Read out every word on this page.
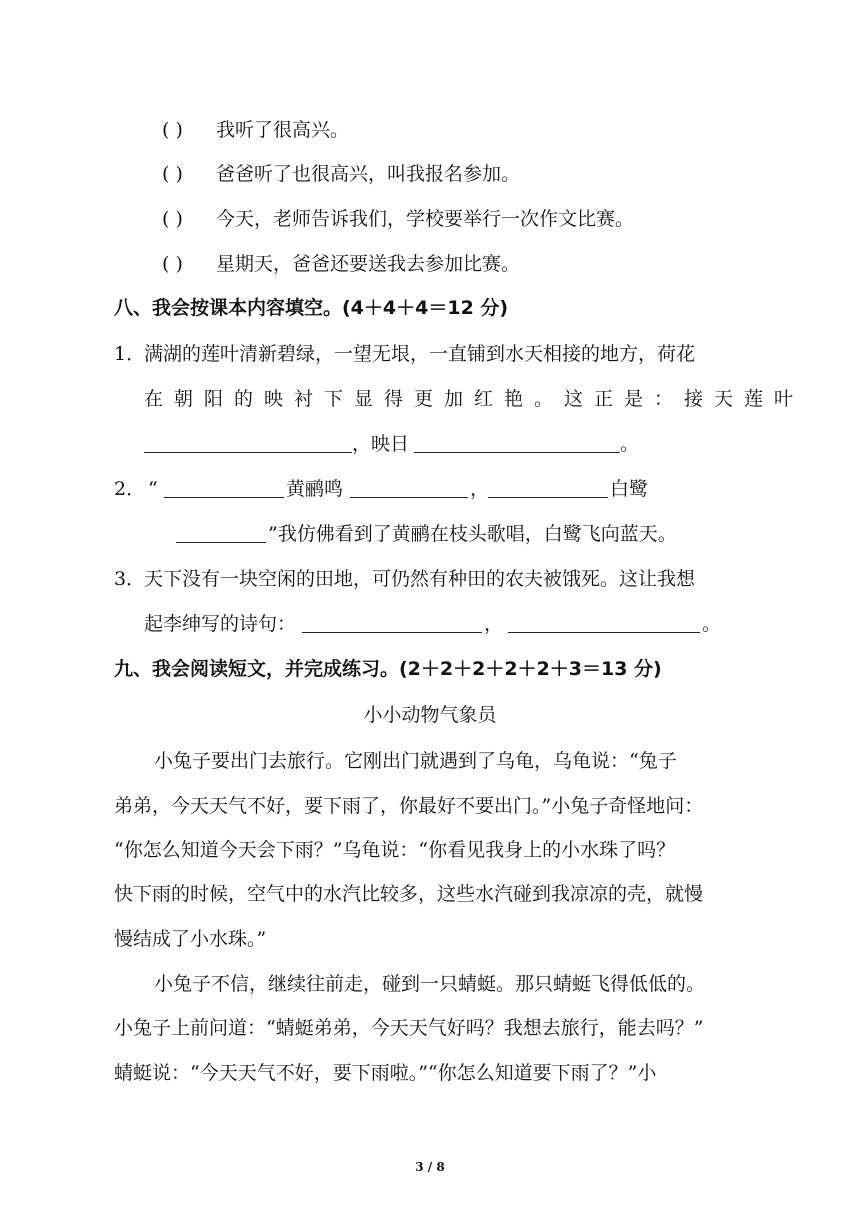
( ) 我听了很高兴。
( ) 爸爸听了也很高兴，叫我报名参加。
( ) 今天，老师告诉我们，学校要举行一次作文比赛。
( ) 星期天，爸爸还要送我去参加比赛。
八、我会按课本内容填空。(4＋4＋4＝12 分)
1．
满湖的莲叶清新碧绿，一望无垠，一直铺到水天相接的地方，荷花
在朝阳的映衬下显得更加红艳。这正是：接天莲叶
，映日	。
2． “	黄鹂鸣	，	白鹭
”我仿佛看到了黄鹂在枝头歌唱，白鹭飞向蓝天。
3．
天下没有一块空闲的田地，可仍然有种田的农夫被饿死。这让我想
起李绅写的诗句：	，	。
九、我会阅读短文，并完成练习。(2＋2＋2＋2＋2＋3＝13 分)
小小动物气象员
小兔子要出门去旅行。它刚出门就遇到了乌龟，乌龟说：“兔子
弟弟，今天天气不好，要下雨了，你最好不要出门。”小兔子奇怪地问：
“你怎么知道今天会下雨？”乌龟说：“你看见我身上的小水珠了吗？
快下雨的时候，空气中的水汽比较多，这些水汽碰到我凉凉的壳，就慢
慢结成了小水珠。”
小兔子不信，继续往前走，碰到一只蜻蜓。那只蜻蜓飞得低低的。
小兔子上前问道：“蜻蜓弟弟，今天天气好吗？我想去旅行，能去吗？”
蜻蜓说：“今天天气不好，要下雨啦。”“你怎么知道要下雨了？”小
3 / 8
